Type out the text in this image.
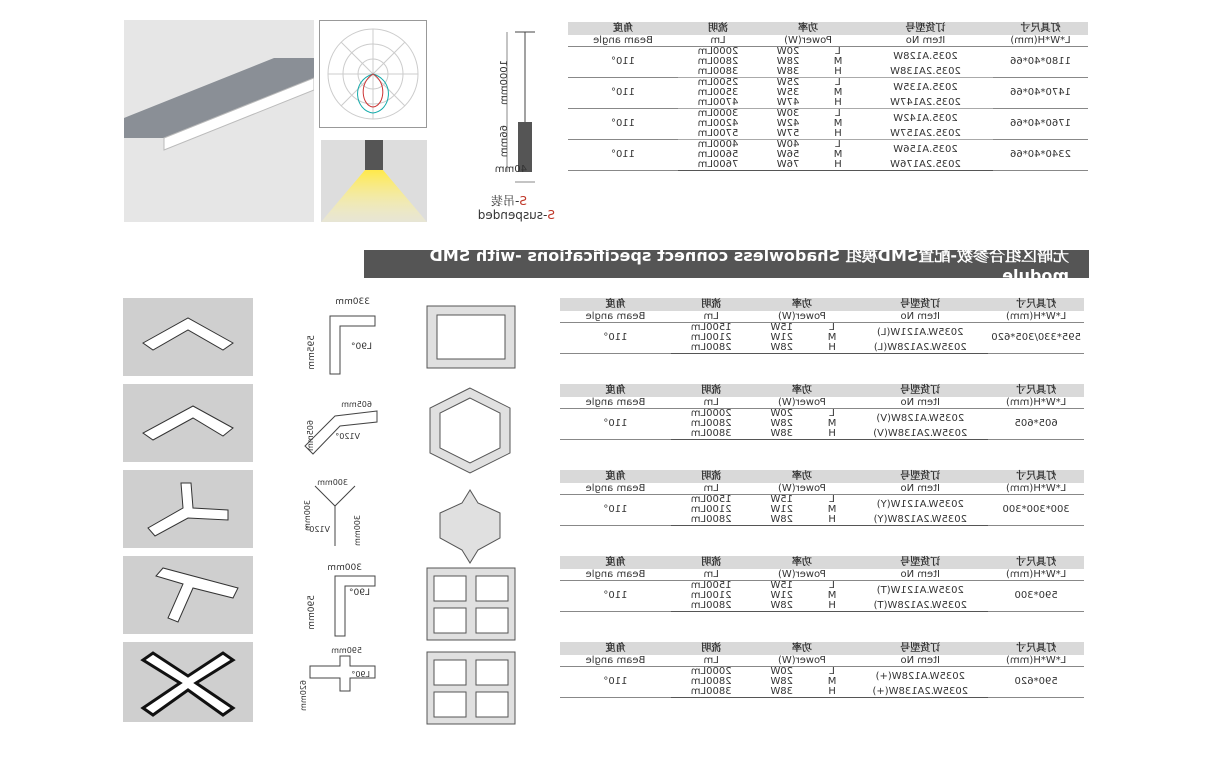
灯具尺寸	订货型号	功率		流明	角度
L*W*H(mm)	Item No	Power(W)		Lm	Beam angle
1180*40*66	2035.A128W	L	20W	2000Lm	110°
		M	28W	2800Lm	
	2035.2A138W	H	38W	3800Lm	
1470*40*66	2035.A135W	L	25W	2500Lm	110°
		M	35W	3500Lm	
	2035.2A147W	H	47W	4700Lm	
1760*40*66	2035.A142W	L	30W	3000Lm	110°
		M	42W	4200Lm	
	2035.2A157W	H	57W	5700Lm	
2340*40*66	2035.A156W	L	40W	4000Lm	110°
		M	56W	5600Lm	
	2035.2A176W	H	76W	7600Lm	
1000mm
66mm
40mm
S-吊装
S-suspended
无暗区组合参数-配置SMD模组 Shadowless connect specifications -with SMD module
灯具尺寸	订货型号	功率		流明	角度
L*W*H(mm)	Item No	Power(W)		Lm	Beam angle
595*330/305*620	2035W.A121W(L)	L	15W	1500Lm	110°
		M	21W	2100Lm	
	2035W.2A128W(L)	H	28W	2800Lm	
灯具尺寸	订货型号	功率		流明	角度
L*W*H(mm)	Item No	Power(W)		Lm	Beam angle
605*605	2035W.A128W(V)	L	20W	2000Lm	110°
		M	28W	2800Lm	
	2035W.2A138W(V)	H	38W	3800Lm	
灯具尺寸	订货型号	功率		流明	角度
L*W*H(mm)	Item No	Power(W)		Lm	Beam angle
300*300*300	2035W.A121W(Y)	L	15W	1500Lm	110°
		M	21W	2100Lm	
	2035W.2A128W(Y)	H	28W	2800Lm	
灯具尺寸	订货型号	功率		流明	角度
L*W*H(mm)	Item No	Power(W)		Lm	Beam angle
590*300	2035W.A121W(T)	L	15W	1500Lm	110°
		M	21W	2100Lm	
	2035W.2A128W(T)	H	28W	2800Lm	
灯具尺寸	订货型号	功率		流明	角度
L*W*H(mm)	Item No	Power(W)		Lm	Beam angle
590*620	2035W.A128W(+)	L	20W	2000Lm	110°
		M	28W	2800Lm	
	2035W.2A138W(+)	H	38W	3800Lm	
330mm
595mm	L90°
605mm
605mm	V120°
300mm
300mm
300mm
V120°
300mm
590mm
L90°
590mm
620mm
L90°
